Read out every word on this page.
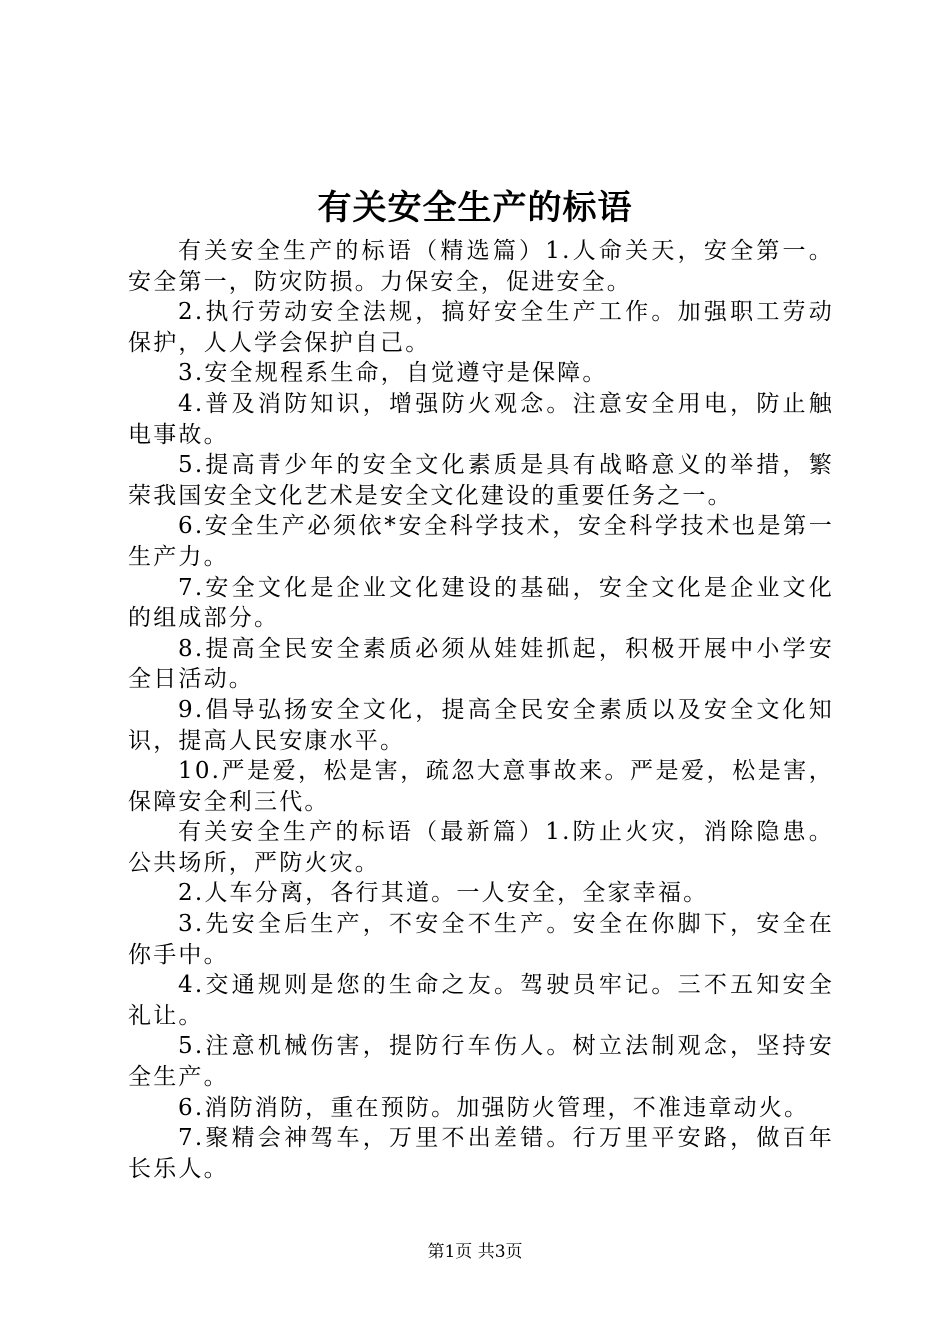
有关安全生产的标语

有关安全生产的标语（精选篇）1.人命关天，安全第一。安全第一，防灾防损。力保安全，促进安全。

2.执行劳动安全法规，搞好安全生产工作。加强职工劳动保护，人人学会保护自己。

3.安全规程系生命，自觉遵守是保障。

4.普及消防知识，增强防火观念。注意安全用电，防止触电事故。

5.提高青少年的安全文化素质是具有战略意义的举措，繁荣我国安全文化艺术是安全文化建设的重要任务之一。

6.安全生产必须依*安全科学技术，安全科学技术也是第一生产力。

7.安全文化是企业文化建设的基础，安全文化是企业文化的组成部分。

8.提高全民安全素质必须从娃娃抓起，积极开展中小学安全日活动。

9.倡导弘扬安全文化，提高全民安全素质以及安全文化知识，提高人民安康水平。

10.严是爱，松是害，疏忽大意事故来。严是爱，松是害，保障安全利三代。

有关安全生产的标语（最新篇）1.防止火灾，消除隐患。公共场所，严防火灾。

2.人车分离，各行其道。一人安全，全家幸福。

3.先安全后生产，不安全不生产。安全在你脚下，安全在你手中。

4.交通规则是您的生命之友。驾驶员牢记。三不五知安全礼让。

5.注意机械伤害，提防行车伤人。树立法制观念，坚持安全生产。

6.消防消防，重在预防。加强防火管理，不准违章动火。

7.聚精会神驾车，万里不出差错。行万里平安路，做百年长乐人。

第1页 共3页
